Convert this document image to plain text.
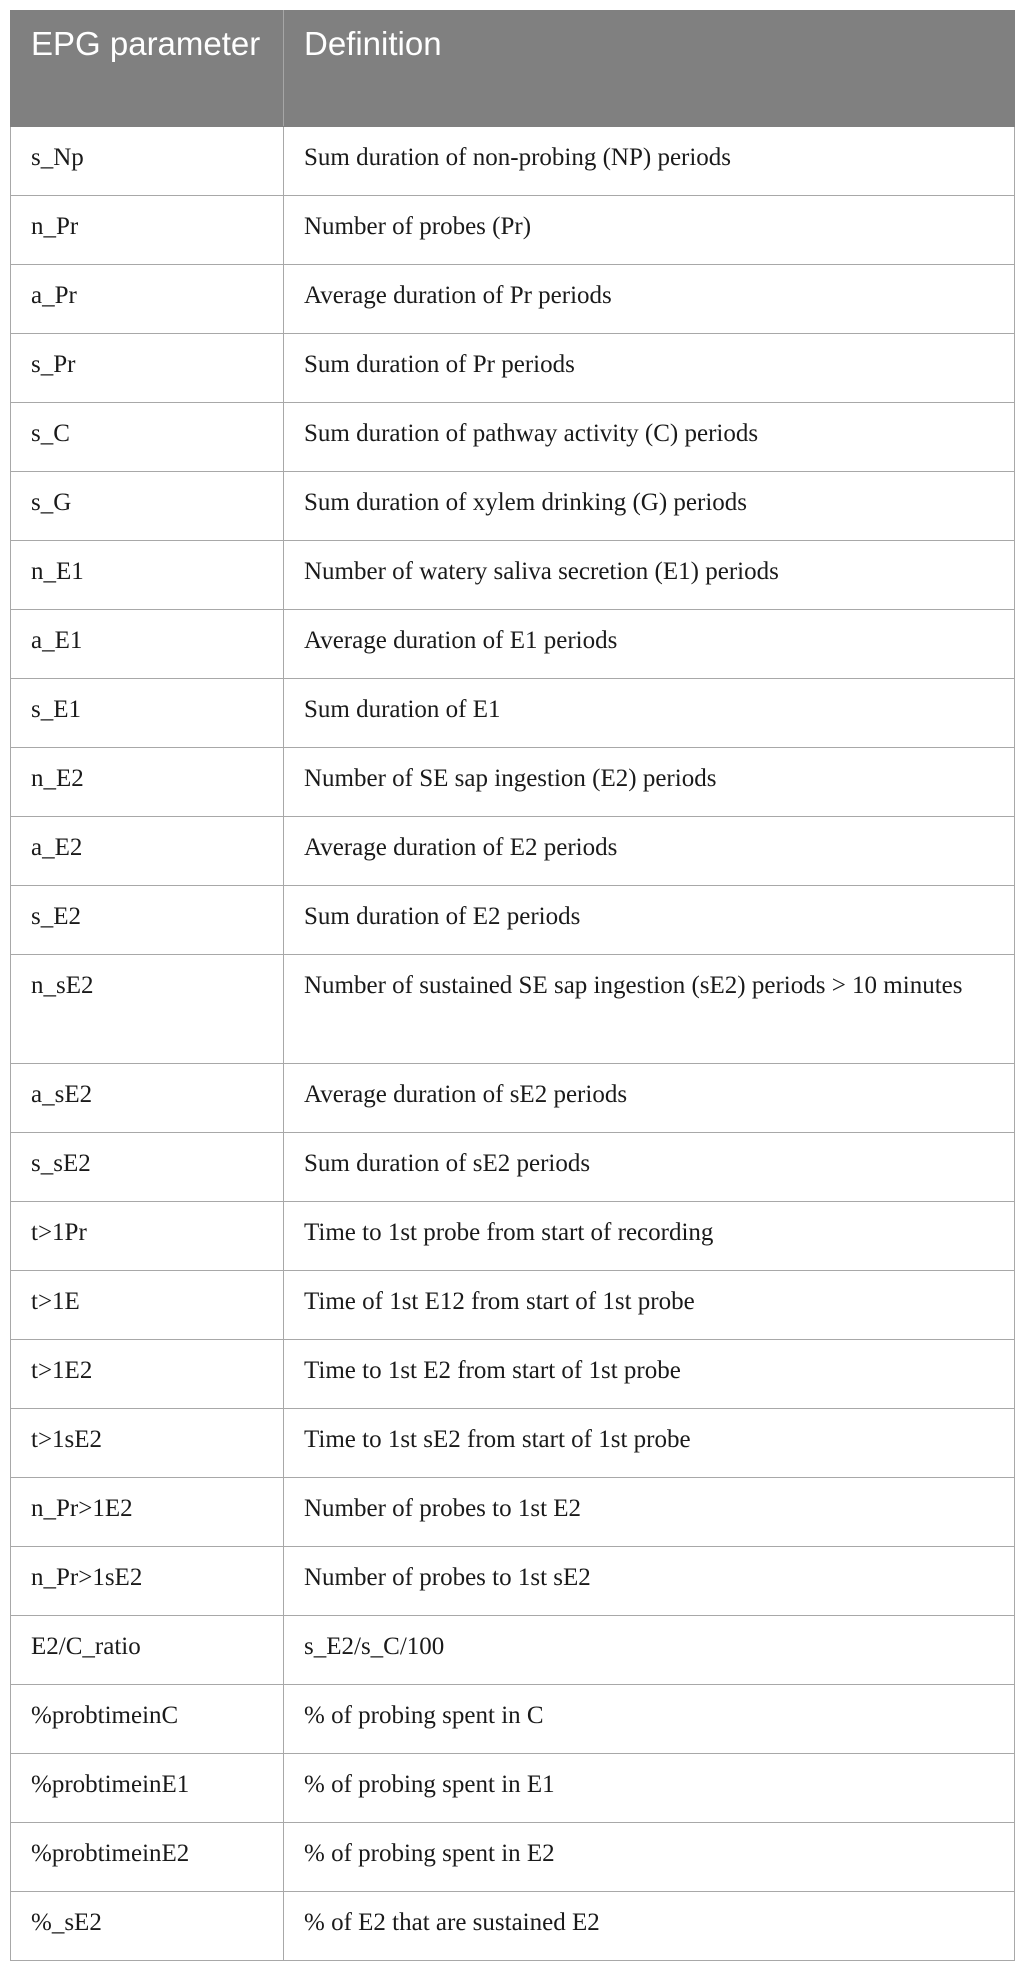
EPG parameter	Definition
s_Np	Sum duration of non-probing (NP) periods
n_Pr	Number of probes (Pr)
a_Pr	Average duration of Pr periods
s_Pr	Sum duration of Pr periods
s_C	Sum duration of pathway activity (C) periods
s_G	Sum duration of xylem drinking (G) periods
n_E1	Number of watery saliva secretion (E1) periods
a_E1	Average duration of E1 periods
s_E1	Sum duration of E1
n_E2	Number of SE sap ingestion (E2) periods
a_E2	Average duration of E2 periods
s_E2	Sum duration of E2 periods
n_sE2	Number of sustained SE sap ingestion (sE2) periods > 10 minutes
a_sE2	Average duration of sE2 periods
s_sE2	Sum duration of sE2 periods
t>1Pr	Time to 1st probe from start of recording
t>1E	Time of 1st E12 from start of 1st probe
t>1E2	Time to 1st E2 from start of 1st probe
t>1sE2	Time to 1st sE2 from start of 1st probe
n_Pr>1E2	Number of probes to 1st E2
n_Pr>1sE2	Number of probes to 1st sE2
E2/C_ratio	s_E2/s_C/100
%probtimeinC	% of probing spent in C
%probtimeinE1	% of probing spent in E1
%probtimeinE2	% of probing spent in E2
%_sE2	% of E2 that are sustained E2
